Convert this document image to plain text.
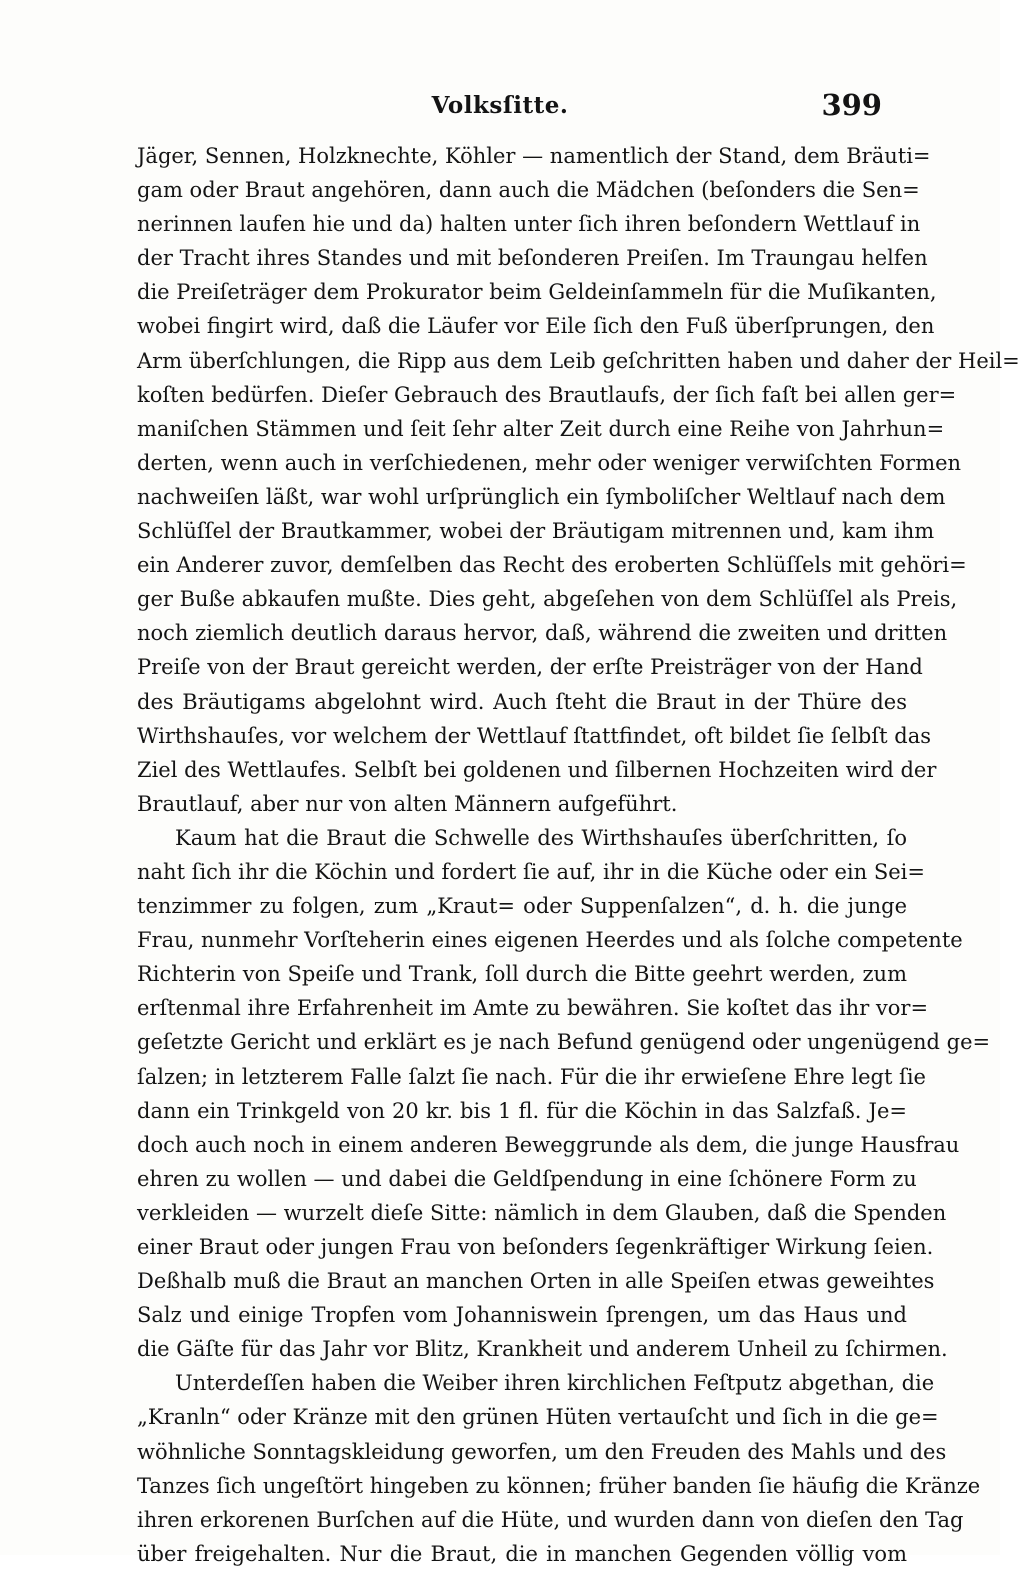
Volksſitte.	399
Jäger, Sennen, Holzknechte, Köhler — namentlich der Stand, dem Bräuti=
gam oder Braut angehören, dann auch die Mädchen (beſonders die Sen=
nerinnen laufen hie und da) halten unter ſich ihren beſondern Wettlauf in
der Tracht ihres Standes und mit beſonderen Preiſen. Im Traungau helfen
die Preiſeträger dem Prokurator beim Geldeinſammeln für die Muſikanten,
wobei fingirt wird, daß die Läufer vor Eile ſich den Fuß überſprungen, den
Arm überſchlungen, die Ripp aus dem Leib geſchritten haben und daher der Heil=
koſten bedürfen. Dieſer Gebrauch des Brautlaufs, der ſich faſt bei allen ger=
maniſchen Stämmen und ſeit ſehr alter Zeit durch eine Reihe von Jahrhun=
derten, wenn auch in verſchiedenen, mehr oder weniger verwiſchten Formen
nachweiſen läßt, war wohl urſprünglich ein ſymboliſcher Weltlauf nach dem
Schlüſſel der Brautkammer, wobei der Bräutigam mitrennen und, kam ihm
ein Anderer zuvor, demſelben das Recht des eroberten Schlüſſels mit gehöri=
ger Buße abkaufen mußte. Dies geht, abgeſehen von dem Schlüſſel als Preis,
noch ziemlich deutlich daraus hervor, daß, während die zweiten und dritten
Preiſe von der Braut gereicht werden, der erſte Preisträger von der Hand
des Bräutigams abgelohnt wird. Auch ſteht die Braut in der Thüre des
Wirthshauſes, vor welchem der Wettlauf ſtattfindet, oft bildet ſie ſelbſt das
Ziel des Wettlaufes. Selbſt bei goldenen und ſilbernen Hochzeiten wird der
Brautlauf, aber nur von alten Männern aufgeführt.
Kaum hat die Braut die Schwelle des Wirthshauſes überſchritten, ſo
naht ſich ihr die Köchin und fordert ſie auf, ihr in die Küche oder ein Sei=
tenzimmer zu folgen, zum „Kraut= oder Suppenſalzen“, d. h. die junge
Frau, nunmehr Vorſteherin eines eigenen Heerdes und als ſolche competente
Richterin von Speiſe und Trank, ſoll durch die Bitte geehrt werden, zum
erſtenmal ihre Erfahrenheit im Amte zu bewähren. Sie koſtet das ihr vor=
geſetzte Gericht und erklärt es je nach Befund genügend oder ungenügend ge=
ſalzen; in letzterem Falle ſalzt ſie nach. Für die ihr erwieſene Ehre legt ſie
dann ein Trinkgeld von 20 kr. bis 1 fl. für die Köchin in das Salzfaß. Je=
doch auch noch in einem anderen Beweggrunde als dem, die junge Hausfrau
ehren zu wollen — und dabei die Geldſpendung in eine ſchönere Form zu
verkleiden — wurzelt dieſe Sitte: nämlich in dem Glauben, daß die Spenden
einer Braut oder jungen Frau von beſonders ſegenkräftiger Wirkung ſeien.
Deßhalb muß die Braut an manchen Orten in alle Speiſen etwas geweihtes
Salz und einige Tropfen vom Johanniswein ſprengen, um das Haus und
die Gäſte für das Jahr vor Blitz, Krankheit und anderem Unheil zu ſchirmen.
Unterdeſſen haben die Weiber ihren kirchlichen Feſtputz abgethan, die
„Kranln“ oder Kränze mit den grünen Hüten vertauſcht und ſich in die ge=
wöhnliche Sonntagskleidung geworfen, um den Freuden des Mahls und des
Tanzes ſich ungeſtört hingeben zu können; früher banden ſie häufig die Kränze
ihren erkorenen Burſchen auf die Hüte, und wurden dann von dieſen den Tag
über freigehalten. Nur die Braut, die in manchen Gegenden völlig vom
